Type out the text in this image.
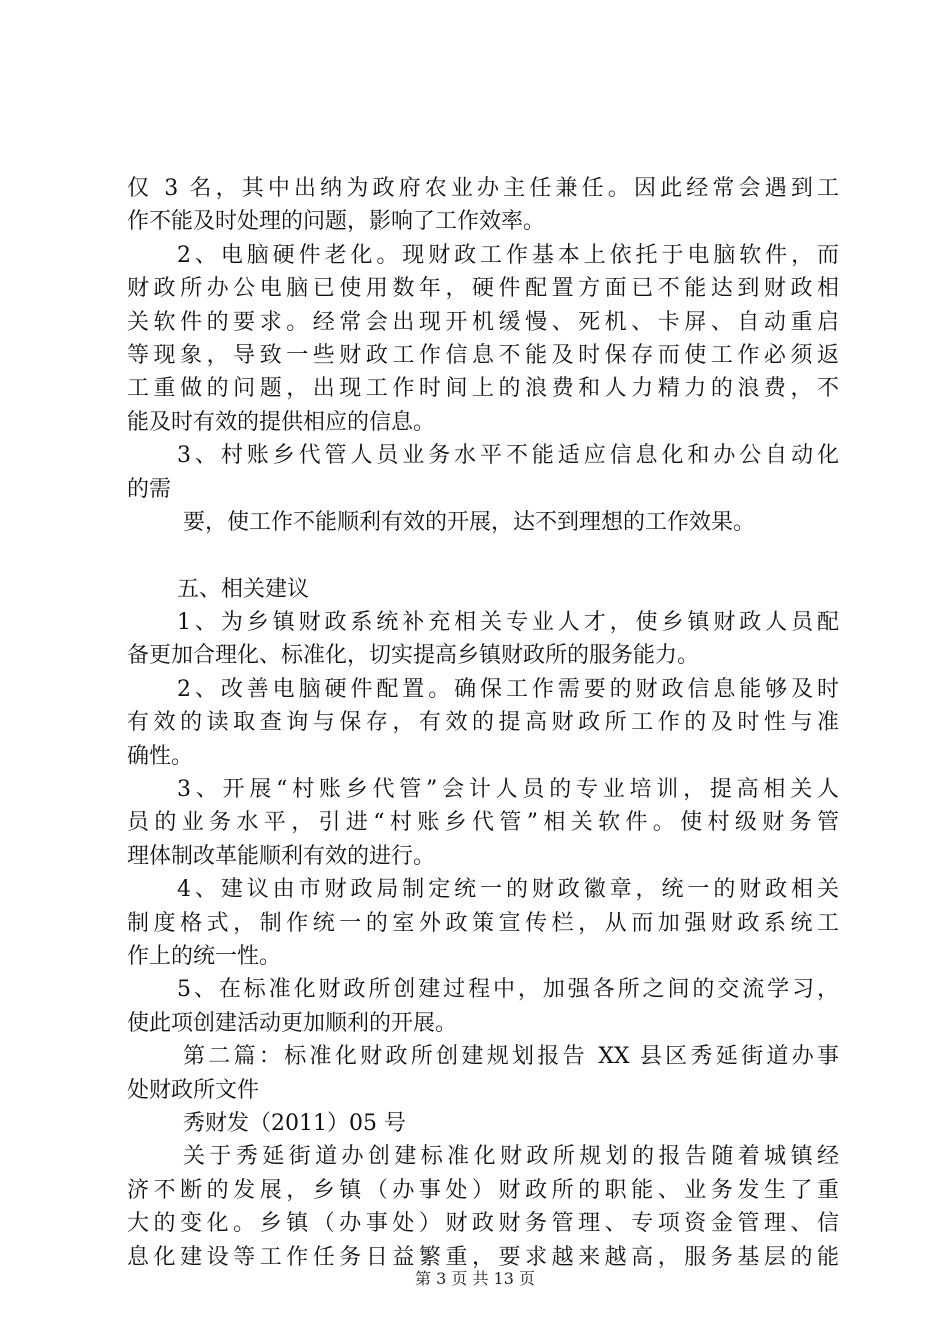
仅 3 名，其中出纳为政府农业办主任兼任。因此经常会遇到工
作不能及时处理的问题，影响了工作效率。
2、电脑硬件老化。现财政工作基本上依托于电脑软件，而
财政所办公电脑已使用数年，硬件配置方面已不能达到财政相
关软件的要求。经常会出现开机缓慢、死机、卡屏、自动重启
等现象，导致一些财政工作信息不能及时保存而使工作必须返
工重做的问题，出现工作时间上的浪费和人力精力的浪费，不
能及时有效的提供相应的信息。
3、村账乡代管人员业务水平不能适应信息化和办公自动化
的需
要，使工作不能顺利有效的开展，达不到理想的工作效果。
五、相关建议
1、为乡镇财政系统补充相关专业人才，使乡镇财政人员配
备更加合理化、标准化，切实提高乡镇财政所的服务能力。
2、改善电脑硬件配置。确保工作需要的财政信息能够及时
有效的读取查询与保存，有效的提高财政所工作的及时性与准
确性。
3、开展“村账乡代管”会计人员的专业培训，提高相关人
员的业务水平，引进“村账乡代管”相关软件。使村级财务管
理体制改革能顺利有效的进行。
4、建议由市财政局制定统一的财政徽章，统一的财政相关
制度格式，制作统一的室外政策宣传栏，从而加强财政系统工
作上的统一性。
5、在标准化财政所创建过程中，加强各所之间的交流学习，
使此项创建活动更加顺利的开展。
第二篇：标准化财政所创建规划报告 XX 县区秀延街道办事
处财政所文件
秀财发（2011）05 号
关于秀延街道办创建标准化财政所规划的报告随着城镇经
济不断的发展，乡镇（办事处）财政所的职能、业务发生了重
大的变化。乡镇（办事处）财政财务管理、专项资金管理、信
息化建设等工作任务日益繁重，要求越来越高，服务基层的能
第 3 页 共 13 页
